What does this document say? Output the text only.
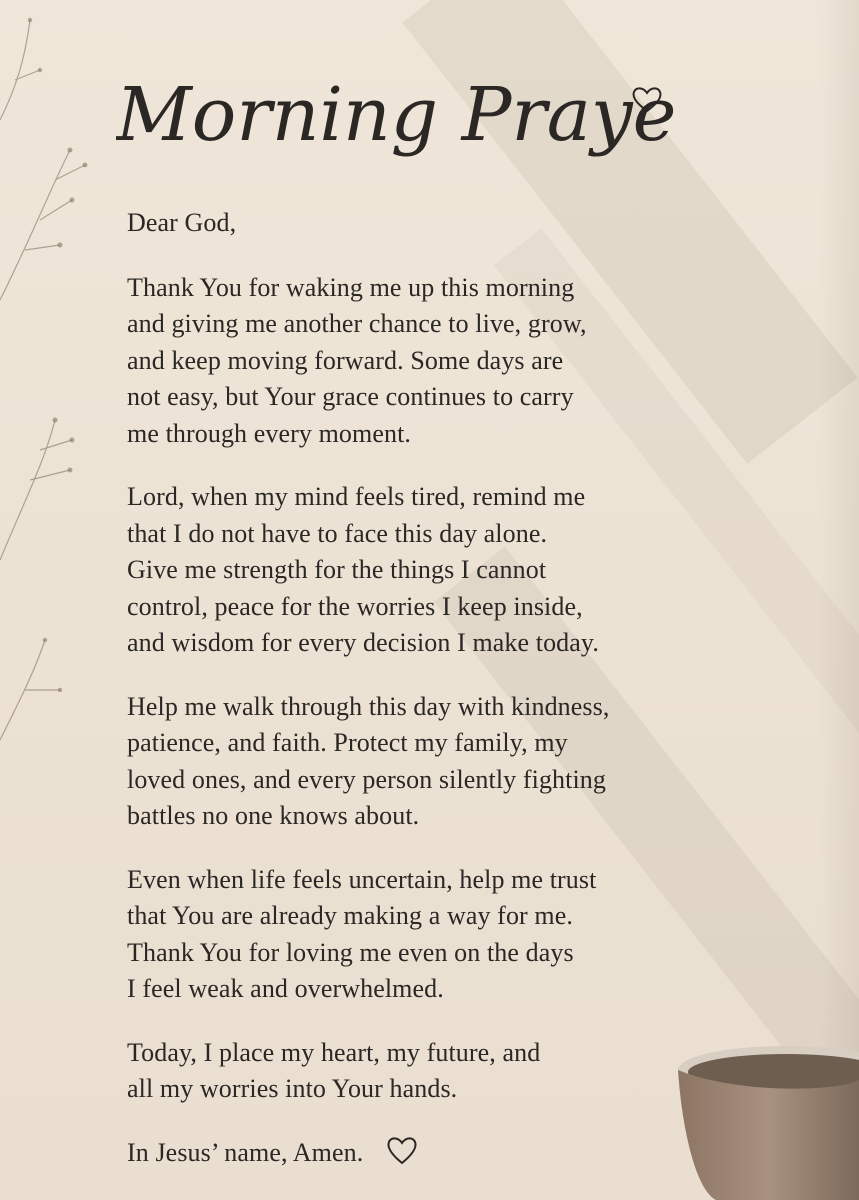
Morning Prayer

Dear God,

Thank You for waking me up this morning
and giving me another chance to live, grow,
and keep moving forward. Some days are
not easy, but Your grace continues to carry
me through every moment.

Lord, when my mind feels tired, remind me
that I do not have to face this day alone.
Give me strength for the things I cannot
control, peace for the worries I keep inside,
and wisdom for every decision I make today.

Help me walk through this day with kindness,
patience, and faith. Protect my family, my
loved ones, and every person silently fighting
battles no one knows about.

Even when life feels uncertain, help me trust
that You are already making a way for me.
Thank You for loving me even on the days
I feel weak and overwhelmed.

Today, I place my heart, my future, and
all my worries into Your hands.

In Jesus’ name, Amen.
